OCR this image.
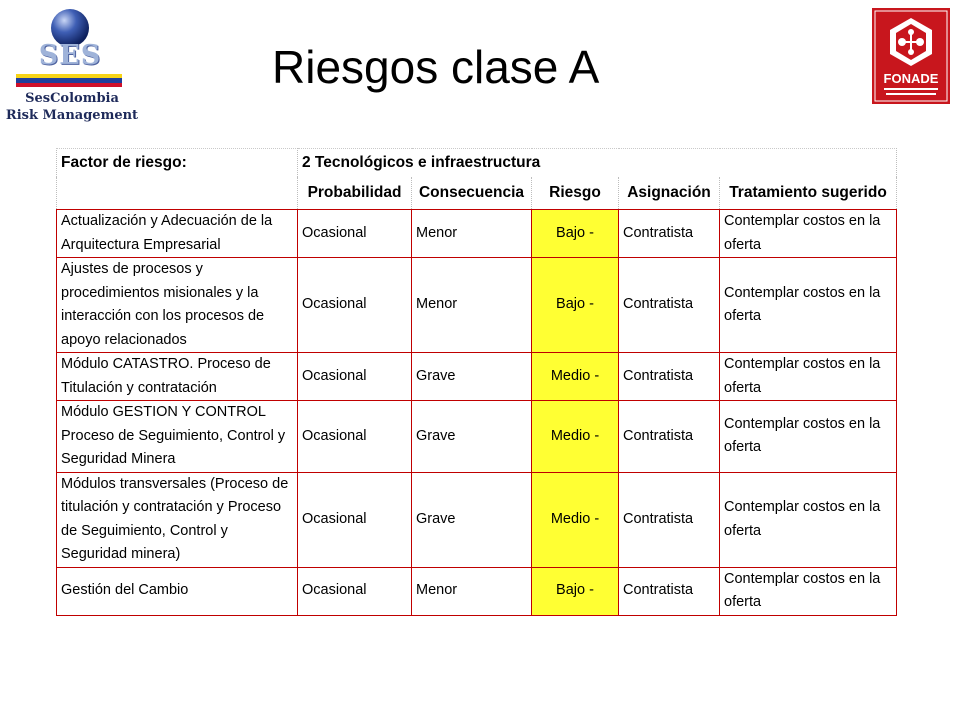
SES
SesColombia
Risk Management
Riesgos clase A	FONADE
Factor de riesgo:	2 Tecnológicos e infraestructura				
	Probabilidad	Consecuencia	Riesgo	Asignación	Tratamiento sugerido
Actualización y Adecuación de la Arquitectura Empresarial	Ocasional	Menor	Bajo -	Contratista	Contemplar costos en la oferta
Ajustes de procesos y procedimientos misionales y la interacción con los procesos de apoyo relacionados	Ocasional	Menor	Bajo -	Contratista	Contemplar costos en la oferta
Módulo CATASTRO. Proceso de Titulación y contratación	Ocasional	Grave	Medio -	Contratista	Contemplar costos en la oferta
Módulo GESTION Y CONTROL Proceso de Seguimiento, Control y Seguridad Minera	Ocasional	Grave	Medio -	Contratista	Contemplar costos en la oferta
Módulos transversales (Proceso de titulación y contratación y Proceso de Seguimiento, Control y Seguridad minera)	Ocasional	Grave	Medio -	Contratista	Contemplar costos en la oferta
Gestión del Cambio	Ocasional	Menor	Bajo -	Contratista	Contemplar costos en la oferta
